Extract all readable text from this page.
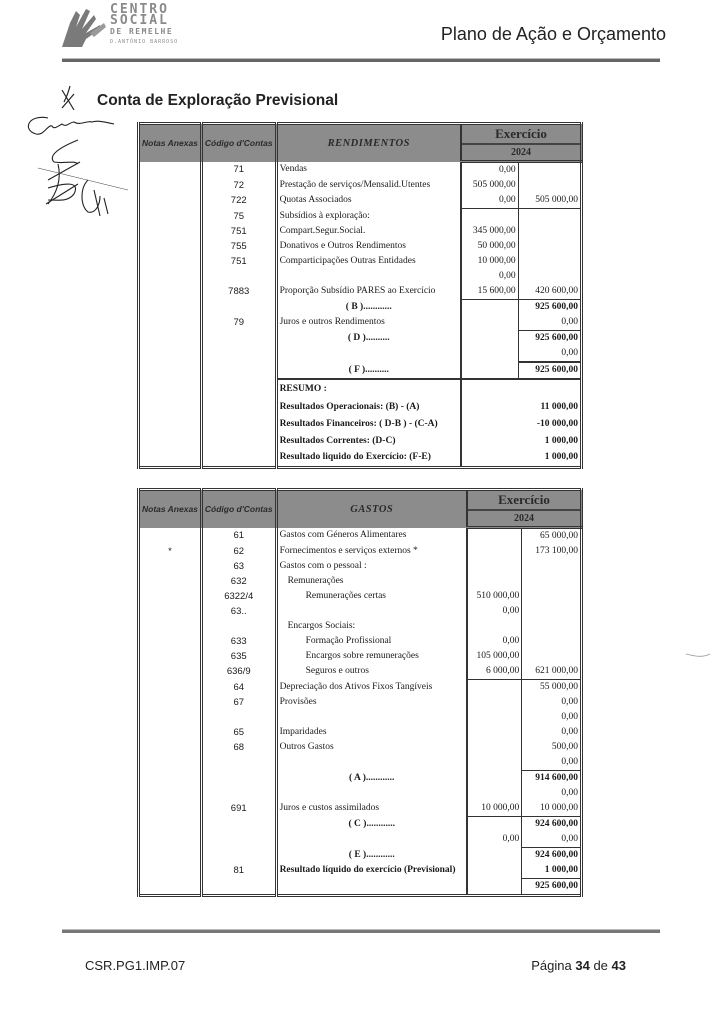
CENTRO
SOCIAL
DE REMELHE
D.ANTÓNIO BARROSO	Plano de Ação e Orçamento
Conta de Exploração Previsional
Notas Anexas	Código d'Contas	RENDIMENTOS	Exercício	
			2024	
	71	Vendas	0,00	
	72	Prestação de serviços/Mensalid.Utentes	505 000,00	
	722	Quotas Associados	0,00	505 000,00
	75	Subsídios à exploração:		
	751	Compart.Segur.Social.	345 000,00	
	755	Donativos e Outros Rendimentos	50 000,00	
	751	Comparticipações Outras Entidades	10 000,00	
			0,00	
	7883	Proporção Subsídio PARES ao Exercício	15 600,00	420 600,00
		( B )............		925 600,00
	79	Juros e outros Rendimentos		0,00
		( D )..........		925 600,00
				0,00
		( F )..........		925 600,00
		RESUMO :		
		Resultados Operacionais: (B) - (A)	11 000,00	
		Resultados Financeiros: ( D-B ) - (C-A)	-10 000,00	
		Resultados Correntes: (D-C)	1 000,00	
		Resultado liquido do Exercício: (F-E)	1 000,00	
Notas Anexas	Código d'Contas	GASTOS	Exercício	
			2024	
	61	Gastos com Géneros Alimentares		65 000,00
*	62	Fornecimentos e serviços externos *		173 100,00
	63	Gastos com o pessoal :		
	632	Remunerações		
	6322/4	Remunerações certas	510 000,00	
	63..		0,00	
		Encargos Sociais:		
	633	Formação Profissional	0,00	
	635	Encargos sobre remunerações	105 000,00	
	636/9	Seguros e outros	6 000,00	621 000,00
	64	Depreciação dos Ativos Fixos Tangíveis		55 000,00
	67	Provisões		0,00
				0,00
	65	Imparidades		0,00
	68	Outros Gastos		500,00
				0,00
		( A )............		914 600,00
				0,00
	691	Juros e custos assimilados	10 000,00	10 000,00
		( C )............		924 600,00
			0,00	0,00
		( E )............		924 600,00
	81	Resultado líquido do exercício (Previsional)		1 000,00
				925 600,00
CSR.PG1.IMP.07	Página 34 de 43
